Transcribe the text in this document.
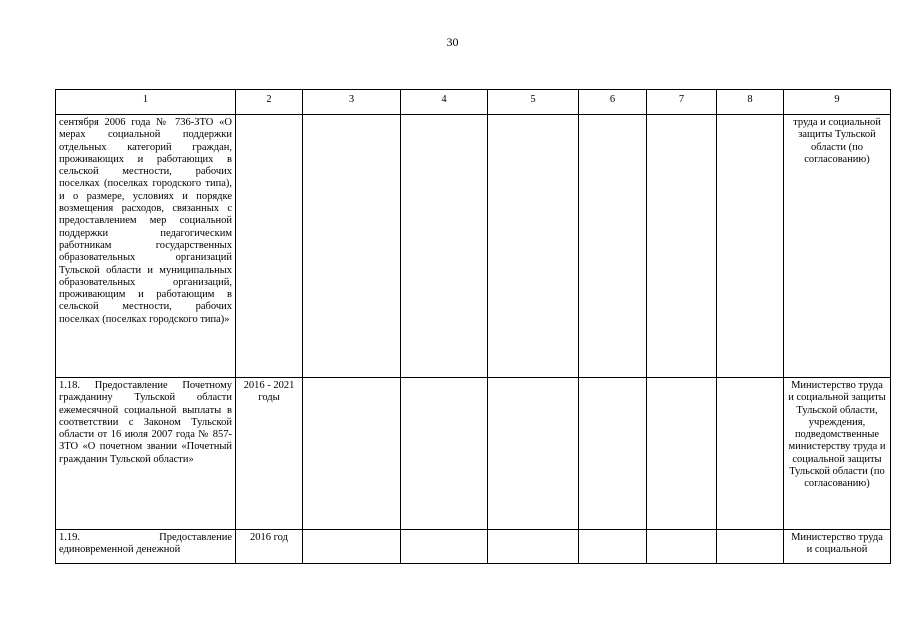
30
1	2	3	4	5	6	7	8	9
сентября 2006 года № 736-ЗТО «О мерах социальной поддержки отдельных категорий граждан, проживающих и работающих в сельской местности, рабочих поселках (поселках городского типа), и о размере, условиях и порядке возмещения расходов, связанных с предоставлением мер социальной поддержки педагогическим работникам государственных образовательных организаций Тульской области и муниципальных образовательных организаций, проживающим и работающим в сельской местности, рабочих поселках (поселках городского типа)»								труда и социальной защиты Тульской области (по согласованию)
1.18. Предоставление Почетному гражданину Тульской области ежемесячной социальной выплаты в соответствии с Законом Тульской области от 16 июля 2007 года № 857-ЗТО «О почетном звании «Почетный гражданин Тульской области»	2016 - 2021 годы							Министерство труда и социальной защиты Тульской области, учреждения, подведомственные министерству труда и социальной защиты Тульской области (по согласованию)
1.19. Предоставление единовременной денежной	2016 год							Министерство труда и социальной
